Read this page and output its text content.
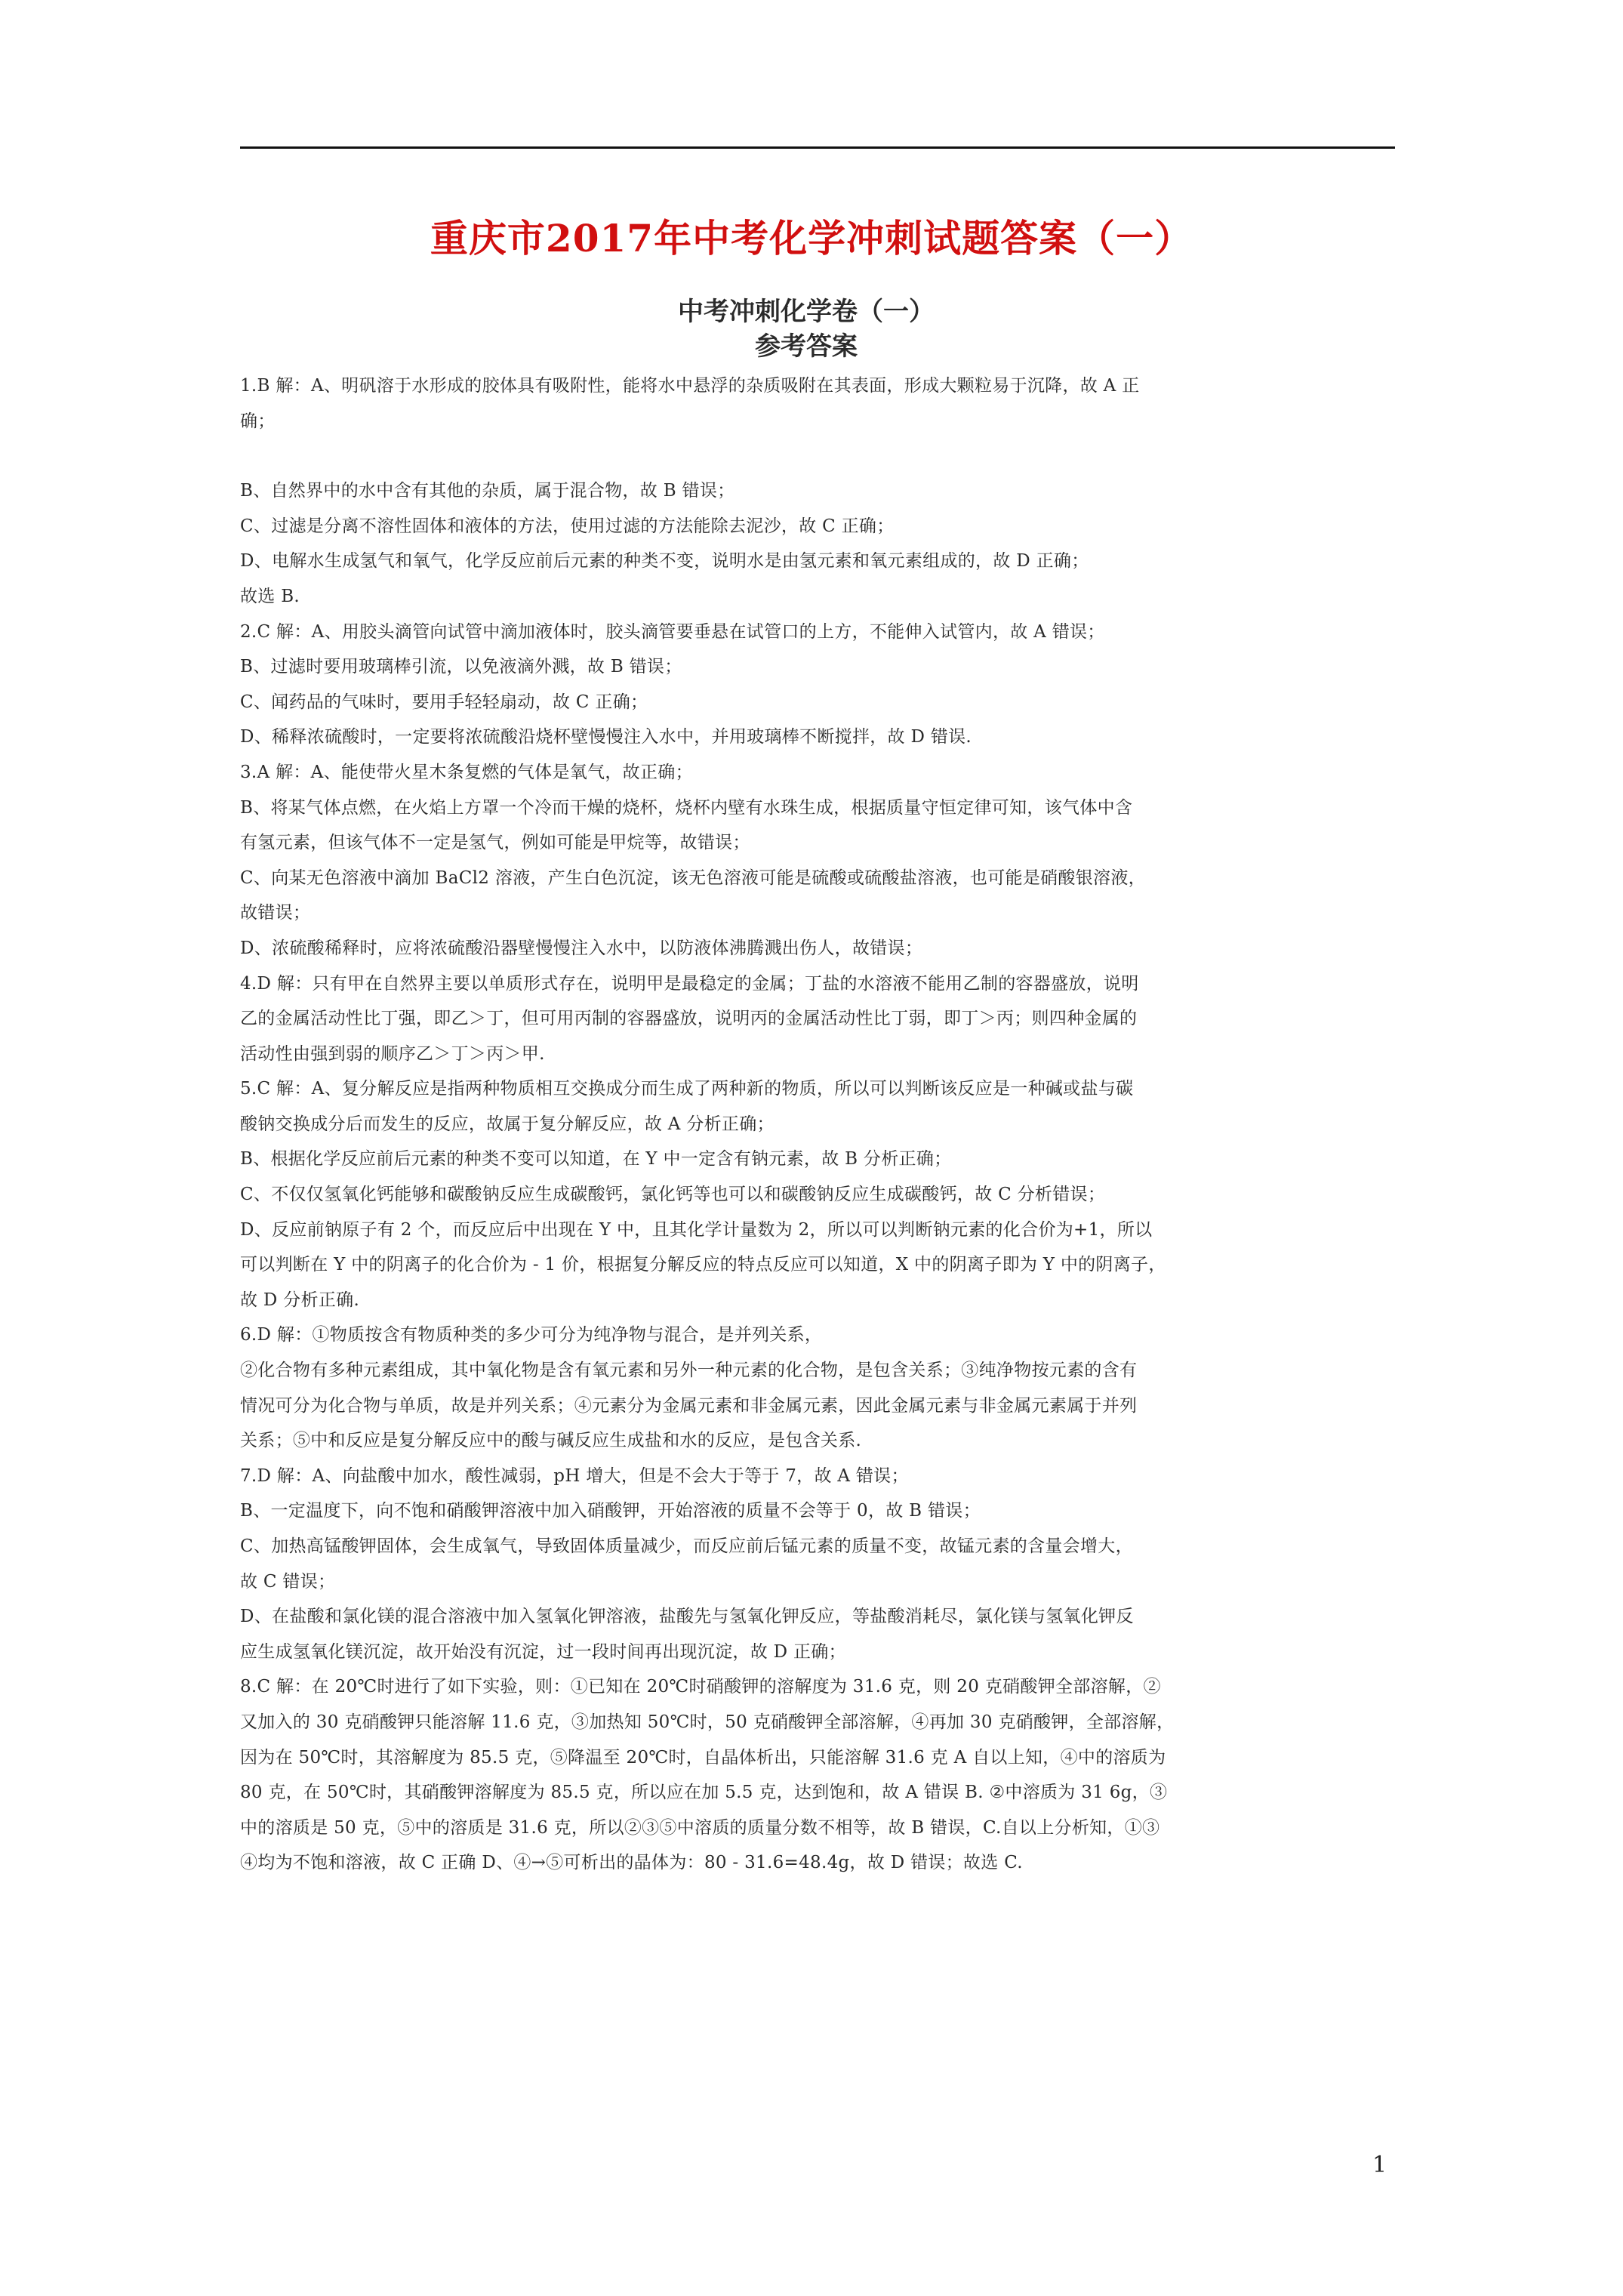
重庆市2017年中考化学冲刺试题答案（一）
中考冲刺化学卷（一）
参考答案

1.B 解：A、明矾溶于水形成的胶体具有吸附性，能将水中悬浮的杂质吸附在其表面，形成大颗粒易于沉降，故 A 正

确；

B、自然界中的水中含有其他的杂质，属于混合物，故 B 错误；

C、过滤是分离不溶性固体和液体的方法，使用过滤的方法能除去泥沙，故 C 正确；

D、电解水生成氢气和氧气，化学反应前后元素的种类不变，说明水是由氢元素和氧元素组成的，故 D 正确；

故选 B.

2.C 解：A、用胶头滴管向试管中滴加液体时，胶头滴管要垂悬在试管口的上方，不能伸入试管内，故 A 错误；

B、过滤时要用玻璃棒引流，以免液滴外溅，故 B 错误；

C、闻药品的气味时，要用手轻轻扇动，故 C 正确；

D、稀释浓硫酸时，一定要将浓硫酸沿烧杯壁慢慢注入水中，并用玻璃棒不断搅拌，故 D 错误.

3.A 解：A、能使带火星木条复燃的气体是氧气，故正确；

B、将某气体点燃，在火焰上方罩一个冷而干燥的烧杯，烧杯内壁有水珠生成，根据质量守恒定律可知，该气体中含

有氢元素，但该气体不一定是氢气，例如可能是甲烷等，故错误；

C、向某无色溶液中滴加 BaCl2 溶液，产生白色沉淀，该无色溶液可能是硫酸或硫酸盐溶液，也可能是硝酸银溶液，

故错误；

D、浓硫酸稀释时，应将浓硫酸沿器壁慢慢注入水中，以防液体沸腾溅出伤人，故错误；

4.D 解：只有甲在自然界主要以单质形式存在，说明甲是最稳定的金属；丁盐的水溶液不能用乙制的容器盛放，说明

乙的金属活动性比丁强，即乙＞丁，但可用丙制的容器盛放，说明丙的金属活动性比丁弱，即丁＞丙；则四种金属的

活动性由强到弱的顺序乙＞丁＞丙＞甲.

5.C 解：A、复分解反应是指两种物质相互交换成分而生成了两种新的物质，所以可以判断该反应是一种碱或盐与碳

酸钠交换成分后而发生的反应，故属于复分解反应，故 A 分析正确；

B、根据化学反应前后元素的种类不变可以知道，在 Y 中一定含有钠元素，故 B 分析正确；

C、不仅仅氢氧化钙能够和碳酸钠反应生成碳酸钙，氯化钙等也可以和碳酸钠反应生成碳酸钙，故 C 分析错误；

D、反应前钠原子有 2 个，而反应后中出现在 Y 中，且其化学计量数为 2，所以可以判断钠元素的化合价为+1，所以

可以判断在 Y 中的阴离子的化合价为 - 1 价，根据复分解反应的特点反应可以知道，X 中的阴离子即为 Y 中的阴离子，

故 D 分析正确.

6.D 解：①物质按含有物质种类的多少可分为纯净物与混合，是并列关系，

②化合物有多种元素组成，其中氧化物是含有氧元素和另外一种元素的化合物，是包含关系；③纯净物按元素的含有

情况可分为化合物与单质，故是并列关系；④元素分为金属元素和非金属元素，因此金属元素与非金属元素属于并列

关系；⑤中和反应是复分解反应中的酸与碱反应生成盐和水的反应，是包含关系.

7.D 解：A、向盐酸中加水，酸性减弱，pH 增大，但是不会大于等于 7，故 A 错误；

B、一定温度下，向不饱和硝酸钾溶液中加入硝酸钾，开始溶液的质量不会等于 0，故 B 错误；

C、加热高锰酸钾固体，会生成氧气，导致固体质量减少，而反应前后锰元素的质量不变，故锰元素的含量会增大，

故 C 错误；

D、在盐酸和氯化镁的混合溶液中加入氢氧化钾溶液，盐酸先与氢氧化钾反应，等盐酸消耗尽，氯化镁与氢氧化钾反

应生成氢氧化镁沉淀，故开始没有沉淀，过一段时间再出现沉淀，故 D 正确；

8.C 解：在 20℃时进行了如下实验，则：①已知在 20℃时硝酸钾的溶解度为 31.6 克，则 20 克硝酸钾全部溶解，②

又加入的 30 克硝酸钾只能溶解 11.6 克，③加热知 50℃时，50 克硝酸钾全部溶解，④再加 30 克硝酸钾，全部溶解，

因为在 50℃时，其溶解度为 85.5 克，⑤降温至 20℃时，自晶体析出，只能溶解 31.6 克 A 自以上知，④中的溶质为

80 克，在 50℃时，其硝酸钾溶解度为 85.5 克，所以应在加 5.5 克，达到饱和，故 A 错误 B. ②中溶质为 31 6g，③

中的溶质是 50 克，⑤中的溶质是 31.6 克，所以②③⑤中溶质的质量分数不相等，故 B 错误，C.自以上分析知，①③

④均为不饱和溶液，故 C 正确 D、④→⑤可析出的晶体为：80 - 31.6=48.4g，故 D 错误；故选 C.

1
